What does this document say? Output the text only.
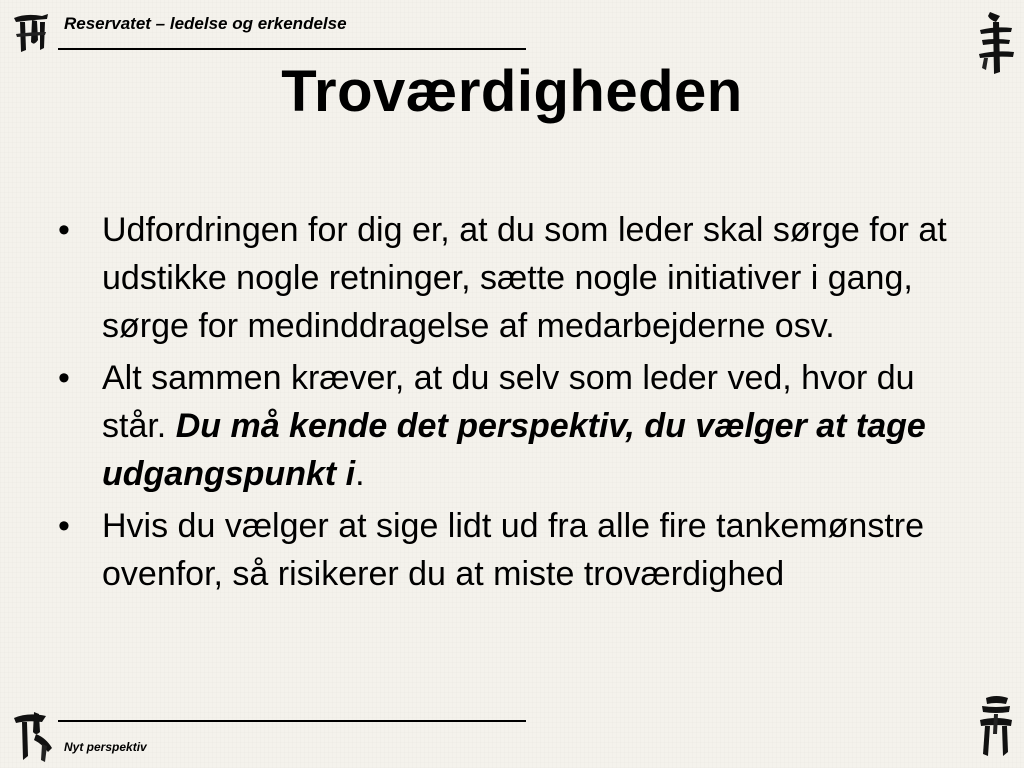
Reservatet – ledelse og erkendelse
Troværdigheden

• Udfordringen for dig er, at du som leder skal sørge for at udstikke nogle retninger, sætte nogle initiativer i gang, sørge for medinddragelse af medarbejderne osv.

• Alt sammen kræver, at du selv som leder ved, hvor du står. Du må kende det perspektiv, du vælger at tage udgangspunkt i.

• Hvis du vælger at sige lidt ud fra alle fire tankemønstre ovenfor, så risikerer du at miste troværdighed

Nyt perspektiv
